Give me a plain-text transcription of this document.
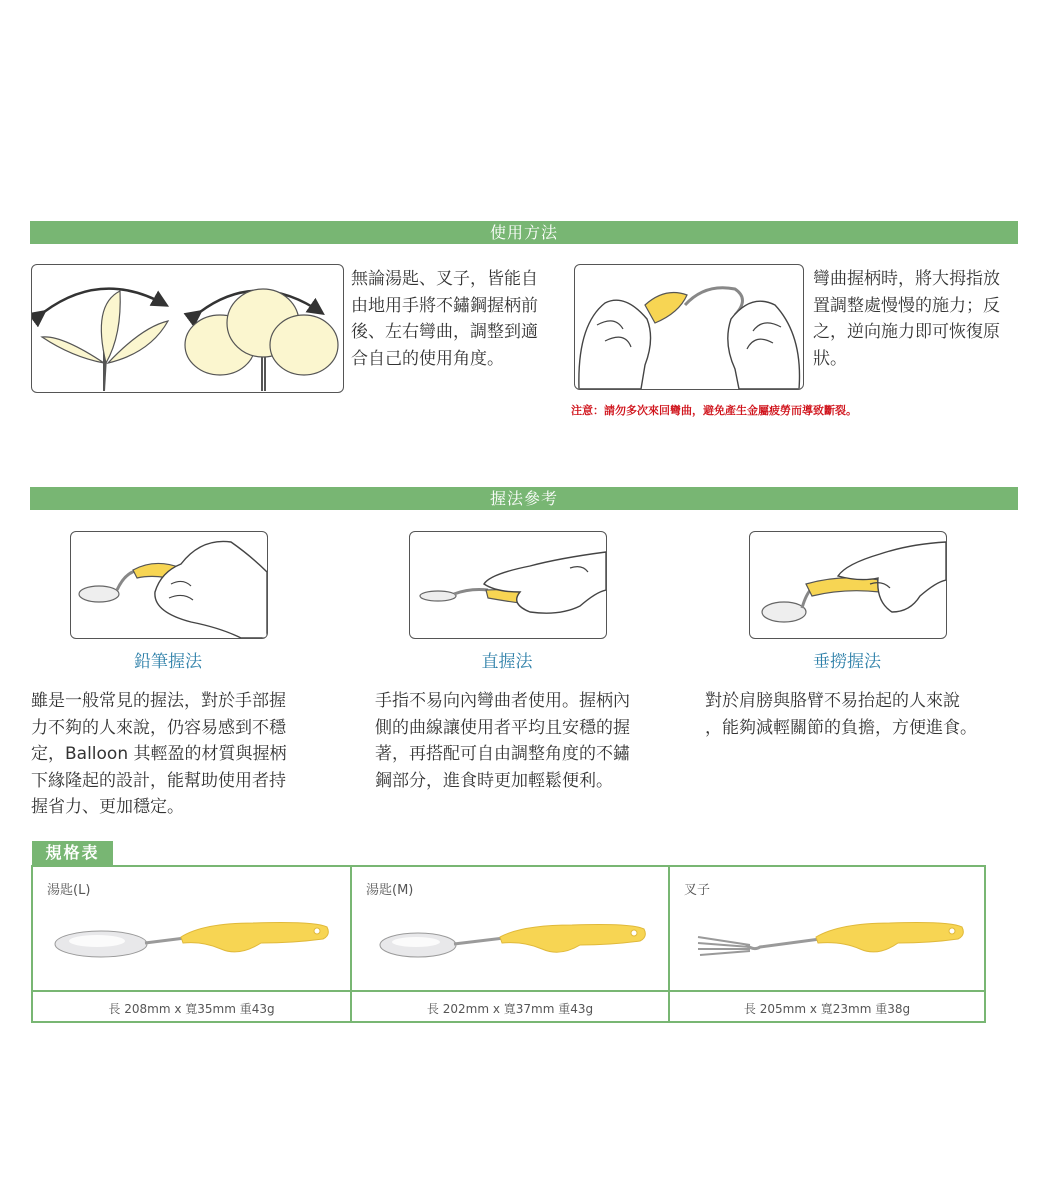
使用方法
無論湯匙、叉子，皆能自
由地用手將不鏽鋼握柄前
後、左右彎曲，調整到適
合自己的使用角度。
彎曲握柄時，將大拇指放
置調整處慢慢的施力；反
之，逆向施力即可恢復原
狀。
注意：請勿多次來回彎曲，避免產生金屬疲勞而導致斷裂。
握法參考
鉛筆握法	直握法	垂撈握法
雖是一般常見的握法，對於手部握
力不夠的人來說，仍容易感到不穩
定，Balloon 其輕盈的材質與握柄
下緣隆起的設計，能幫助使用者持
握省力、更加穩定。
手指不易向內彎曲者使用。握柄內
側的曲線讓使用者平均且安穩的握
著，再搭配可自由調整角度的不鏽
鋼部分，進食時更加輕鬆便利。
對於肩膀與胳臂不易抬起的人來說
，能夠減輕關節的負擔，方便進食。
規格表
湯匙(L)
長 208mm x 寬35mm 重43g
湯匙(M)
長 202mm x 寬37mm 重43g
叉子
長 205mm x 寬23mm 重38g
